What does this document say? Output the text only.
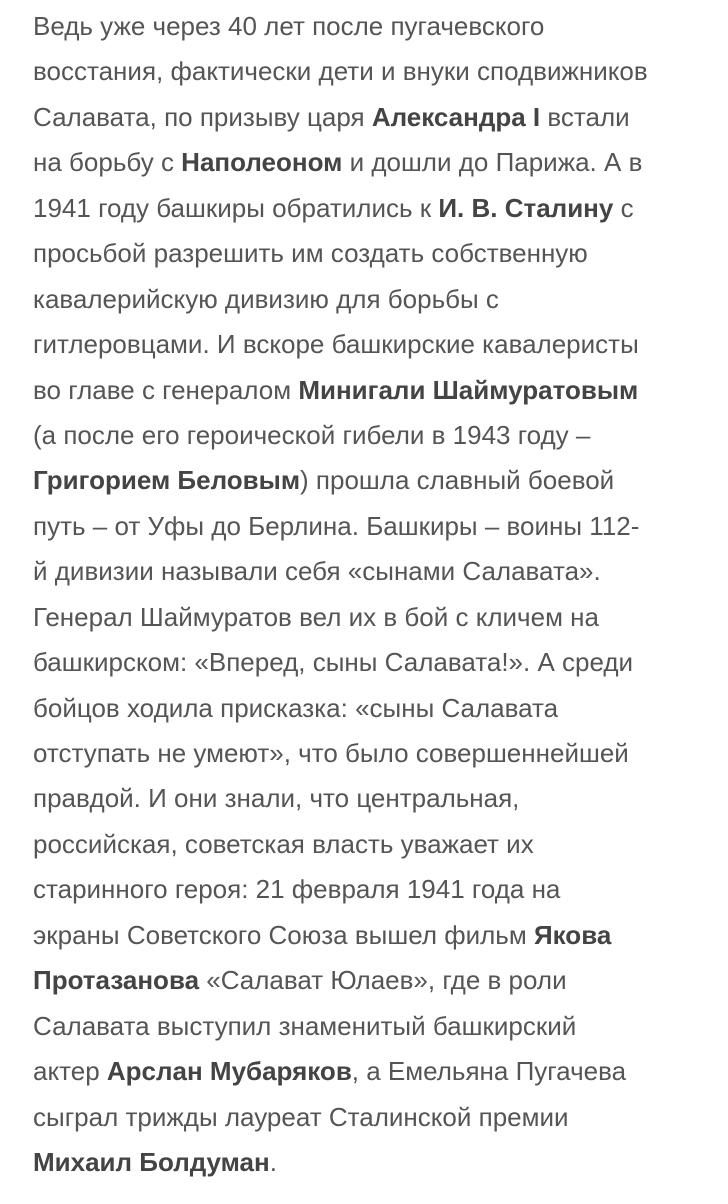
Ведь уже через 40 лет после пугачевского
восстания, фактически дети и внуки сподвижников
Салавата, по призыву царя Александра I встали
на борьбу с Наполеоном и дошли до Парижа. А в
1941 году башкиры обратились к И. В. Сталину с
просьбой разрешить им создать собственную
кавалерийскую дивизию для борьбы с
гитлеровцами. И вскоре башкирские кавалеристы
во главе с генералом Минигали Шаймуратовым
(а после его героической гибели в 1943 году –
Григорием Беловым) прошла славный боевой
путь – от Уфы до Берлина. Башкиры – воины 112-
й дивизии называли себя «сынами Салавата».
Генерал Шаймуратов вел их в бой с кличем на
башкирском: «Вперед, сыны Салавата!». А среди
бойцов ходила присказка: «сыны Салавата
отступать не умеют», что было совершеннейшей
правдой. И они знали, что центральная,
российская, советская власть уважает их
старинного героя: 21 февраля 1941 года на
экраны Советского Союза вышел фильм Якова
Протазанова «Салават Юлаев», где в роли
Салавата выступил знаменитый башкирский
актер Арслан Мубаряков, а Емельяна Пугачева
сыграл трижды лауреат Сталинской премии
Михаил Болдуман.
